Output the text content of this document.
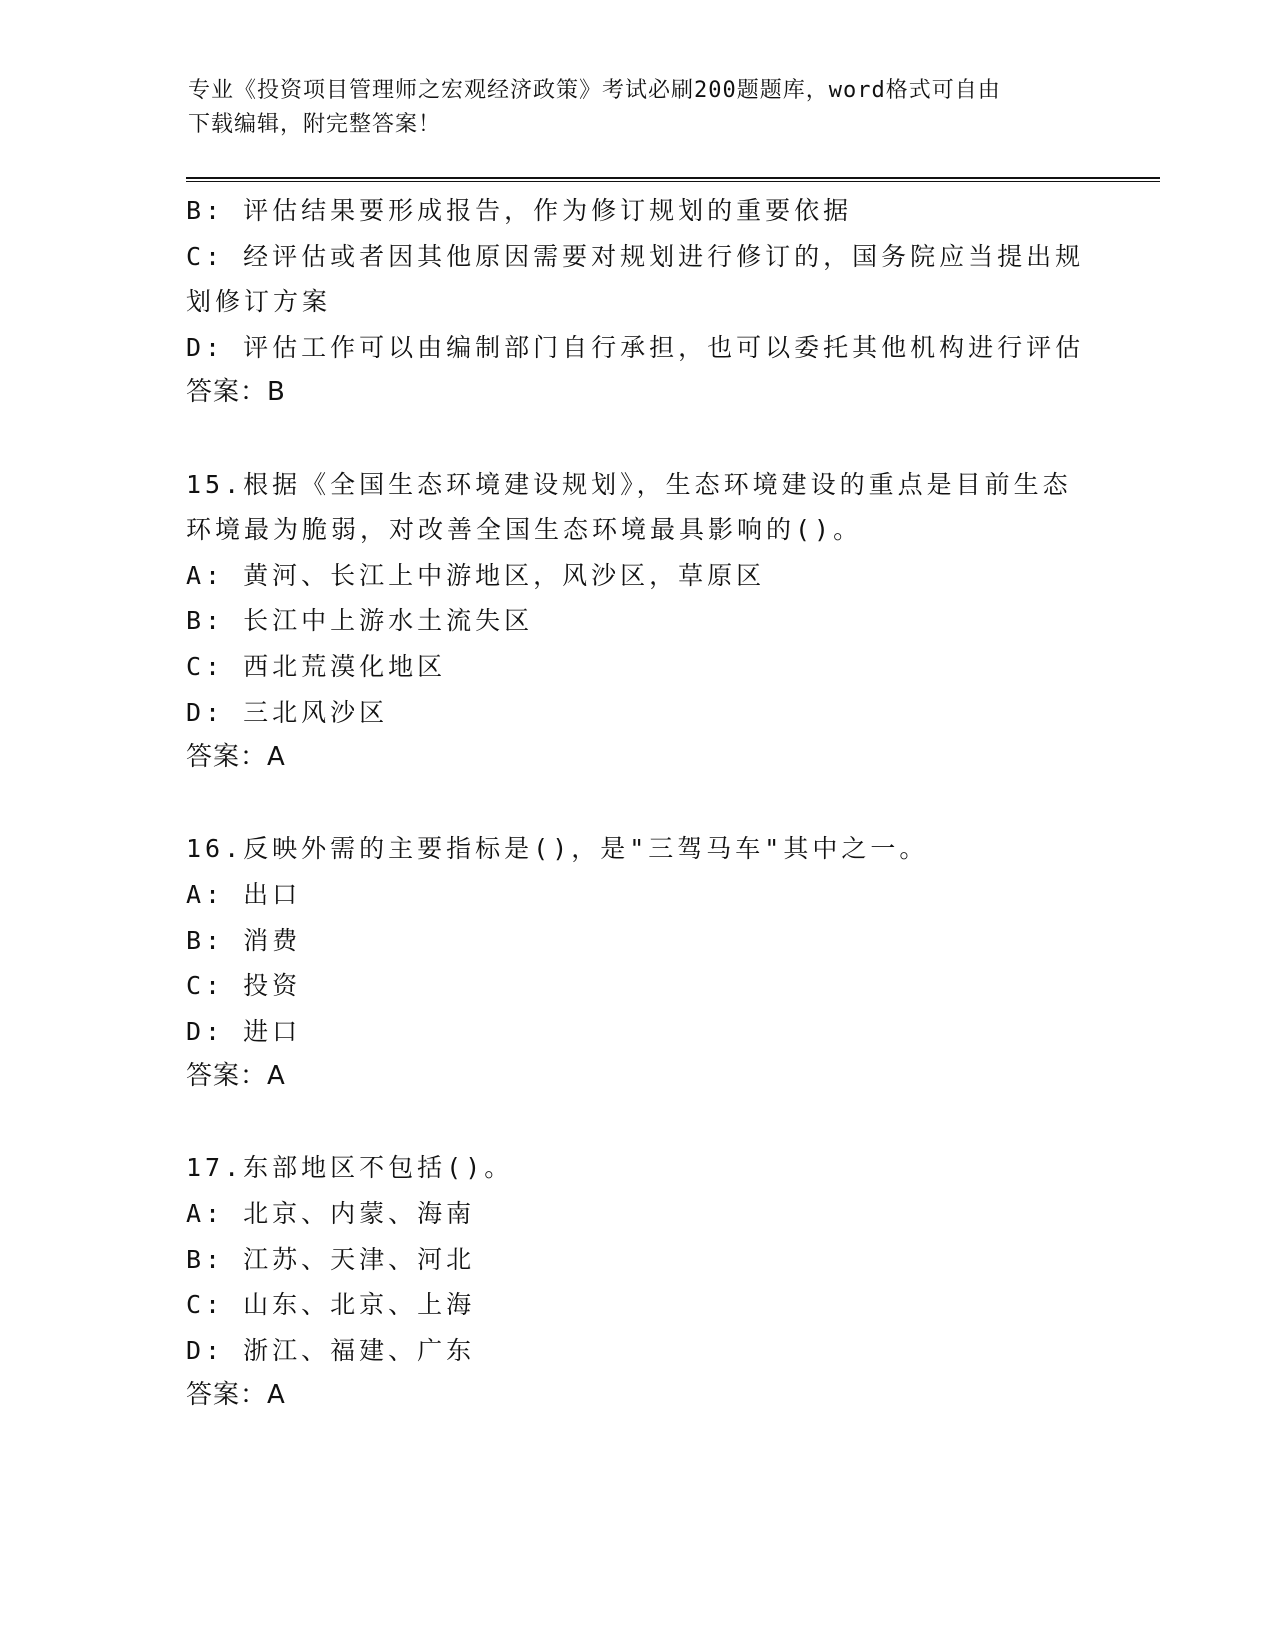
专业《投资项目管理师之宏观经济政策》考试必刷200题题库，word格式可自由
下载编辑，附完整答案！
B: 评估结果要形成报告，作为修订规划的重要依据
C: 经评估或者因其他原因需要对规划进行修订的，国务院应当提出规
划修订方案
D: 评估工作可以由编制部门自行承担，也可以委托其他机构进行评估
答案：B
15.根据《全国生态环境建设规划》，生态环境建设的重点是目前生态
环境最为脆弱，对改善全国生态环境最具影响的()。
A: 黄河、长江上中游地区，风沙区，草原区
B: 长江中上游水土流失区
C: 西北荒漠化地区
D: 三北风沙区
答案：A
16.反映外需的主要指标是()，是"三驾马车"其中之一。
A: 出口
B: 消费
C: 投资
D: 进口
答案：A
17.东部地区不包括()。
A: 北京、内蒙、海南
B: 江苏、天津、河北
C: 山东、北京、上海
D: 浙江、福建、广东
答案：A
